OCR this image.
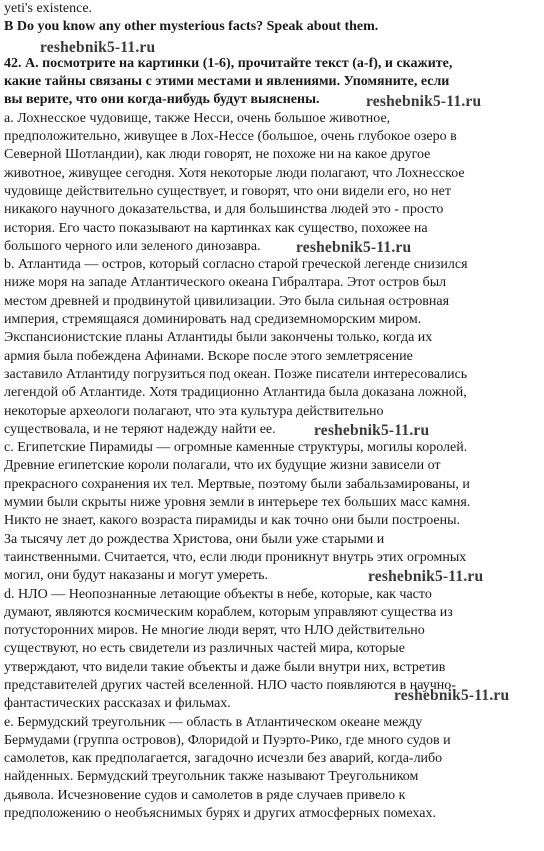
yeti's existence.
B Do you know any other mysterious facts? Speak about them.
reshebnik5-11.ru
42. А. посмотрите на картинки (1-6), прочитайте текст (a-f), и скажите,
какие тайны связаны с этими местами и явлениями. Упомяните, если
вы верите, что они когда-нибудь будут выяснены.	reshebnik5-11.ru
a. Лохнесское чудовище, также Несси, очень большое животное,
предположительно, живущее в Лох-Нессе (большое, очень глубокое озеро в
Северной Шотландии), как люди говорят, не похоже ни на какое другое
животное, живущее сегодня. Хотя некоторые люди полагают, что Лохнесское
чудовище действительно существует, и говорят, что они видели его, но нет
никакого научного доказательства, и для большинства людей это - просто
история. Его часто показывают на картинках как существо, похожее на
большого черного или зеленого динозавра. reshebnik5-11.ru
b. Атлантида — остров, который согласно старой греческой легенде снизился
ниже моря на западе Атлантического океана Гибралтара. Этот остров был
местом древней и продвинутой цивилизации. Это была сильная островная
империя, стремящаяся доминировать над средиземноморским миром.
Экспансионистские планы Атлантиды были закончены только, когда их
армия была побеждена Афинами. Вскоре после этого землетрясение
заставило Атлантиду погрузиться под океан. Позже писатели интересовались
легендой об Атлантиде. Хотя традиционно Атлантида была доказана ложной,
некоторые археологи полагают, что эта культура действительно
существовала, и не теряют надежду найти ее. reshebnik5-11.ru
c. Египетские Пирамиды — огромные каменные структуры, могилы королей.
Древние египетские короли полагали, что их будущие жизни зависели от
прекрасного сохранения их тел. Мертвые, поэтому были забальзамированы, и
мумии были скрыты ниже уровня земли в интерьере тех больших масс камня.
Никто не знает, какого возраста пирамиды и как точно они были построены.
За тысячу лет до рождества Христова, они были уже старыми и
таинственными. Считается, что, если люди проникнут внутрь этих огромных
могил, они будут наказаны и могут умереть.	reshebnik5-11.ru
d. НЛО — Неопознанные летающие объекты в небе, которые, как часто
думают, являются космическим кораблем, которым управляют существа из
потусторонних миров. Не многие люди верят, что НЛО действительно
существуют, но есть свидетели из различных частей мира, которые
утверждают, что видели такие объекты и даже были внутри них, встретив
представителей других частей вселенной. НЛО часто появляются в научно-
фантастических рассказах и фильмах.	reshebnik5-11.ru
e. Бермудский треугольник — область в Атлантическом океане между
Бермудами (группа островов), Флоридой и Пуэрто-Рико, где много судов и
самолетов, как предполагается, загадочно исчезли без аварий, когда-либо
найденных. Бермудский треугольник также называют Треугольником
дьявола. Исчезновение судов и самолетов в ряде случаев привело к
предположению о необъяснимых бурях и других атмосферных помехах.
